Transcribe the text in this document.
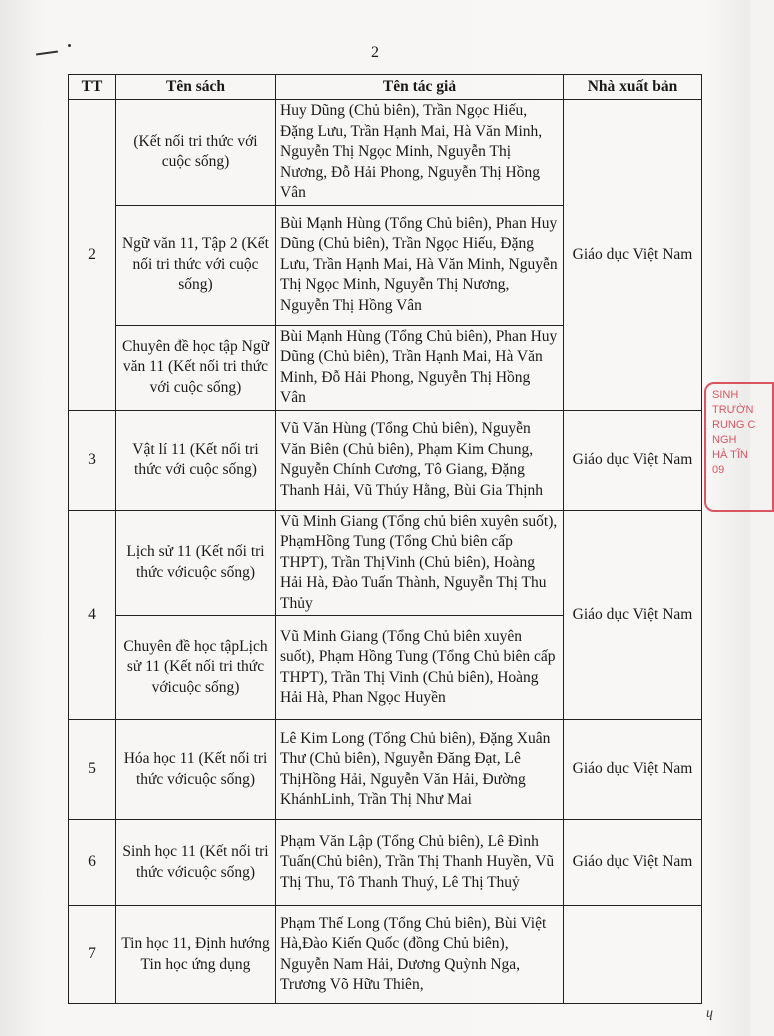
2
TT	Tên sách	Tên tác giả	Nhà xuất bản
2	(Kết nối tri thức với cuộc sống)	Huy Dũng (Chủ biên), Trần Ngọc Hiếu, Đặng Lưu, Trần Hạnh Mai, Hà Văn Minh, Nguyễn Thị Ngọc Minh, Nguyễn Thị Nương, Đỗ Hải Phong, Nguyễn Thị Hồng Vân	Giáo dục Việt Nam
	Ngữ văn 11, Tập 2 (Kết nối tri thức với cuộc sống)	Bùi Mạnh Hùng (Tổng Chủ biên), Phan Huy Dũng (Chủ biên), Trần Ngọc Hiếu, Đặng Lưu, Trần Hạnh Mai, Hà Văn Minh, Nguyễn Thị Ngọc Minh, Nguyễn Thị Nương, Nguyễn Thị Hồng Vân	
	Chuyên đề học tập Ngữ văn 11 (Kết nối tri thức với cuộc sống)	Bùi Mạnh Hùng (Tổng Chủ biên), Phan Huy Dũng (Chủ biên), Trần Hạnh Mai, Hà Văn Minh, Đỗ Hải Phong, Nguyễn Thị Hồng Vân	
3	Vật lí 11 (Kết nối tri thức với cuộc sống)	Vũ Văn Hùng (Tổng Chủ biên), Nguyễn Văn Biên (Chủ biên), Phạm Kim Chung, Nguyễn Chính Cương, Tô Giang, Đặng Thanh Hải, Vũ Thúy Hằng, Bùi Gia Thịnh	Giáo dục Việt Nam
4	Lịch sử 11 (Kết nối tri thức vớicuộc sống)	Vũ Minh Giang (Tổng chủ biên xuyên suốt), PhạmHồng Tung (Tổng Chủ biên cấp THPT), Trần ThịVinh (Chủ biên), Hoàng Hải Hà, Đào Tuấn Thành, Nguyễn Thị Thu Thủy	Giáo dục Việt Nam
	Chuyên đề học tậpLịch sử 11 (Kết nối tri thức vớicuộc sống)	Vũ Minh Giang (Tổng Chủ biên xuyên suốt), Phạm Hồng Tung (Tổng Chủ biên cấp THPT), Trần Thị Vinh (Chủ biên), Hoàng Hải Hà, Phan Ngọc Huyền	
5	Hóa học 11 (Kết nối tri thức vớicuộc sống)	Lê Kim Long (Tổng Chủ biên), Đặng Xuân Thư (Chủ biên), Nguyễn Đăng Đạt, Lê ThịHồng Hải, Nguyễn Văn Hải, Đường KhánhLinh, Trần Thị Như Mai	Giáo dục Việt Nam
6	Sinh học 11 (Kết nối tri thức vớicuộc sống)	Phạm Văn Lập (Tổng Chủ biên), Lê Đình Tuấn(Chủ biên), Trần Thị Thanh Huyền, Vũ Thị Thu, Tô Thanh Thuý, Lê Thị Thuỷ	Giáo dục Việt Nam
7	Tin học 11, Định hướng Tin học ứng dụng	Phạm Thế Long (Tổng Chủ biên), Bùi Việt Hà,Đào Kiến Quốc (đồng Chủ biên), Nguyễn Nam Hải, Dương Quỳnh Nga, Trương Võ Hữu Thiên,	
SINH
TRƯỜN
RUNG C
NGH
HÀ TĨN
09
ɥ
